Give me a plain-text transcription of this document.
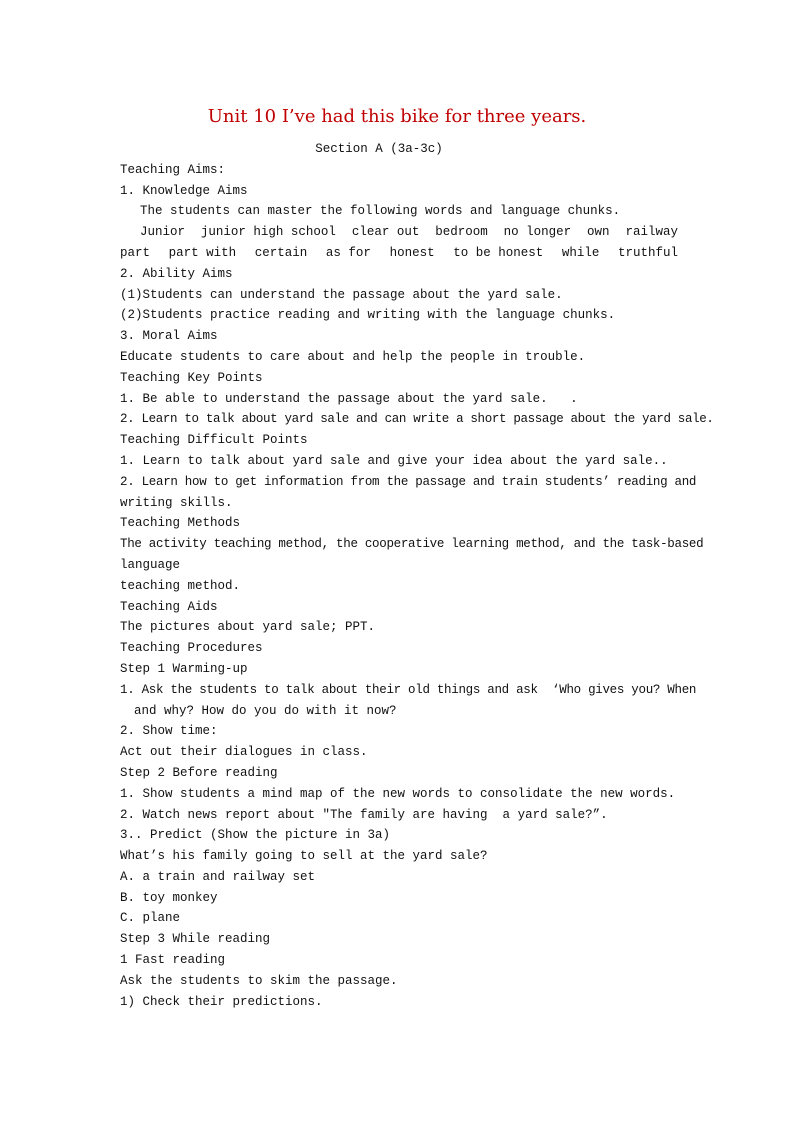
Unit 10 I’ve had this bike for three years.
Section A (3a-3c)
Teaching Aims:
1. Knowledge Aims
The students can master the following words and language chunks.
Junior junior high school clear out bedroom no longer own railway
part part with certain as for honest to be honest while truthful
2. Ability Aims
(1)Students can understand the passage about the yard sale.
(2)Students practice reading and writing with the language chunks.
3. Moral Aims
Educate students to care about and help the people in trouble.
Teaching Key Points
1. Be able to understand the passage about the yard sale.   .
2. Learn to talk about yard sale and can write a short passage about the yard sale.
Teaching Difficult Points
1. Learn to talk about yard sale and give your idea about the yard sale..
2. Learn how to get information from the passage and train students’ reading and
writing skills.
Teaching Methods
The activity teaching method, the cooperative learning method, and the task-based
language
teaching method.
Teaching Aids
The pictures about yard sale; PPT.
Teaching Procedures
Step 1 Warming-up
1. Ask the students to talk about their old things and ask  ‘Who gives you? When
and why? How do you do with it now?
2. Show time:
Act out their dialogues in class.
Step 2 Before reading
1. Show students a mind map of the new words to consolidate the new words.
2. Watch news report about "The family are having  a yard sale?”.
3.. Predict (Show the picture in 3a)
What’s his family going to sell at the yard sale?
A. a train and railway set
B. toy monkey
C. plane
Step 3 While reading
1 Fast reading
Ask the students to skim the passage.
1) Check their predictions.
